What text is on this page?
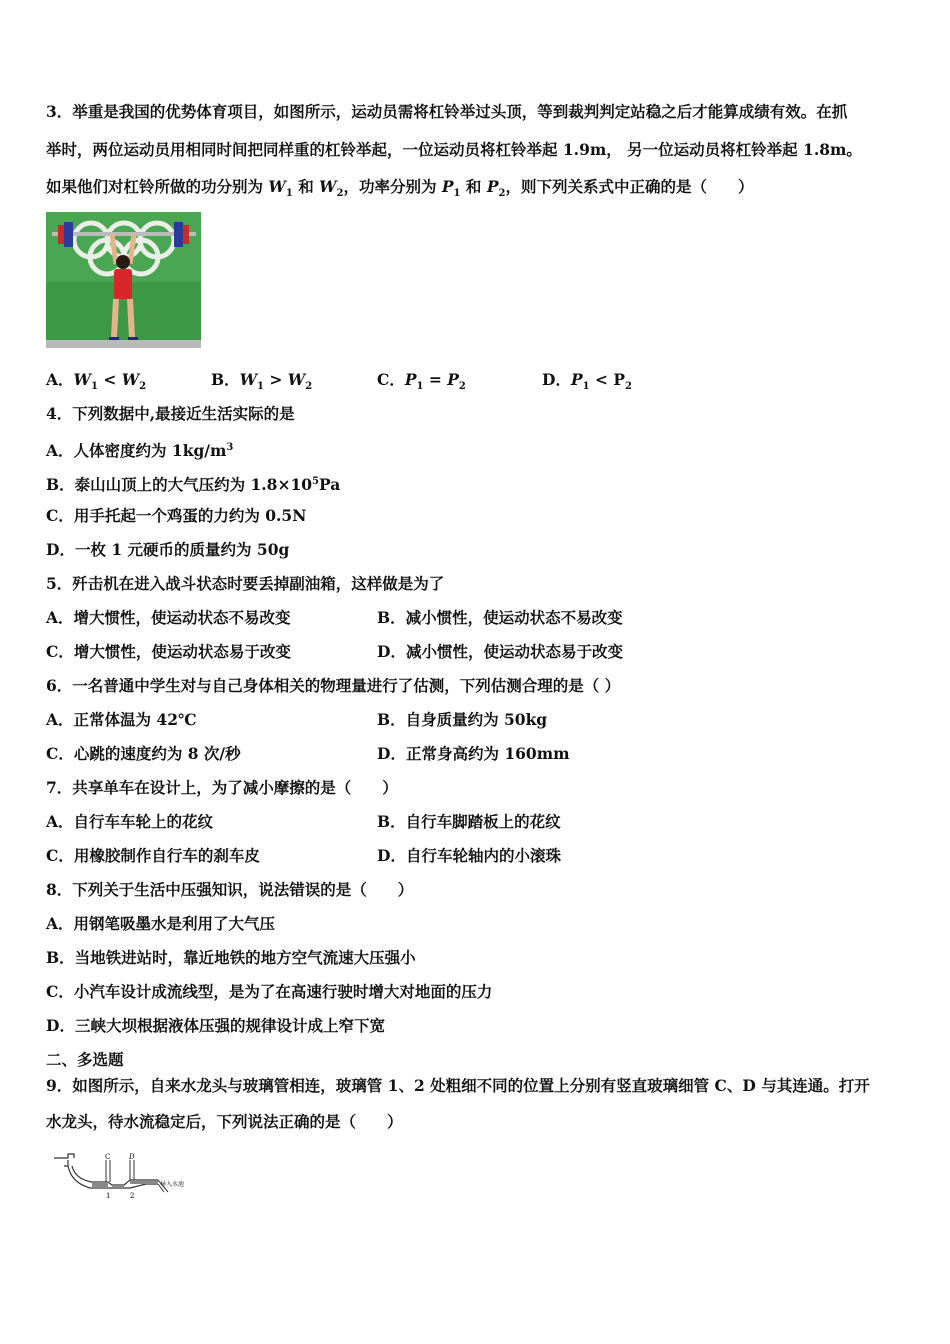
3．举重是我国的优势体育项目，如图所示，运动员需将杠铃举过头顶，等到裁判判定站稳之后才能算成绩有效。在抓
举时，两位运动员用相同时间把同样重的杠铃举起，一位运动员将杠铃举起 1.9m， 另一位运动员将杠铃举起 1.8m。
如果他们对杠铃所做的功分别为 $W_1$ 和 $W_2$，功率分别为 $P_1$ 和 $P_2$，则下列关系式中正确的是（　　）
A．$W_1 < W_2$	B．$W_1 > W_2$	C．$P_1 = P_2$	D．$P_1 < P_2$
4．下列数据中,最接近生活实际的是
A．人体密度约为 $1kg/m^3$
B．泰山山顶上的大气压约为 $1.8\times 10^5Pa$
C．用手托起一个鸡蛋的力约为 0.5N
D．一枚 1 元硬币的质量约为 50g
5．歼击机在进入战斗状态时要丢掉副油箱，这样做是为了
A．增大惯性，使运动状态不易改变	B．减小惯性，使运动状态不易改变
C．增大惯性，使运动状态易于改变	D．减小惯性，使运动状态易于改变
6．一名普通中学生对与自己身体相关的物理量进行了估测，下列估测合理的是（ ）
A．正常体温为 42℃	B．自身质量约为 50kg
C．心跳的速度约为 8 次/秒	D．正常身高约为 160mm
7．共享单车在设计上，为了减小摩擦的是（　　）
A．自行车车轮上的花纹	B．自行车脚踏板上的花纹
C．用橡胶制作自行车的刹车皮	D．自行车轮轴内的小滚珠
8．下列关于生活中压强知识，说法错误的是（　　）
A．用钢笔吸墨水是利用了大气压
B．当地铁进站时，靠近地铁的地方空气流速大压强小
C．小汽车设计成流线型，是为了在高速行驶时增大对地面的压力
D．三峡大坝根据液体压强的规律设计成上窄下宽
二、多选题
9．如图所示，自来水龙头与玻璃管相连，玻璃管 1、2 处粗细不同的位置上分别有竖直玻璃细管 C、D 与其连通。打开
水龙头，待水流稳定后，下列说法正确的是（　　）
C	D
1	2
导入水池
